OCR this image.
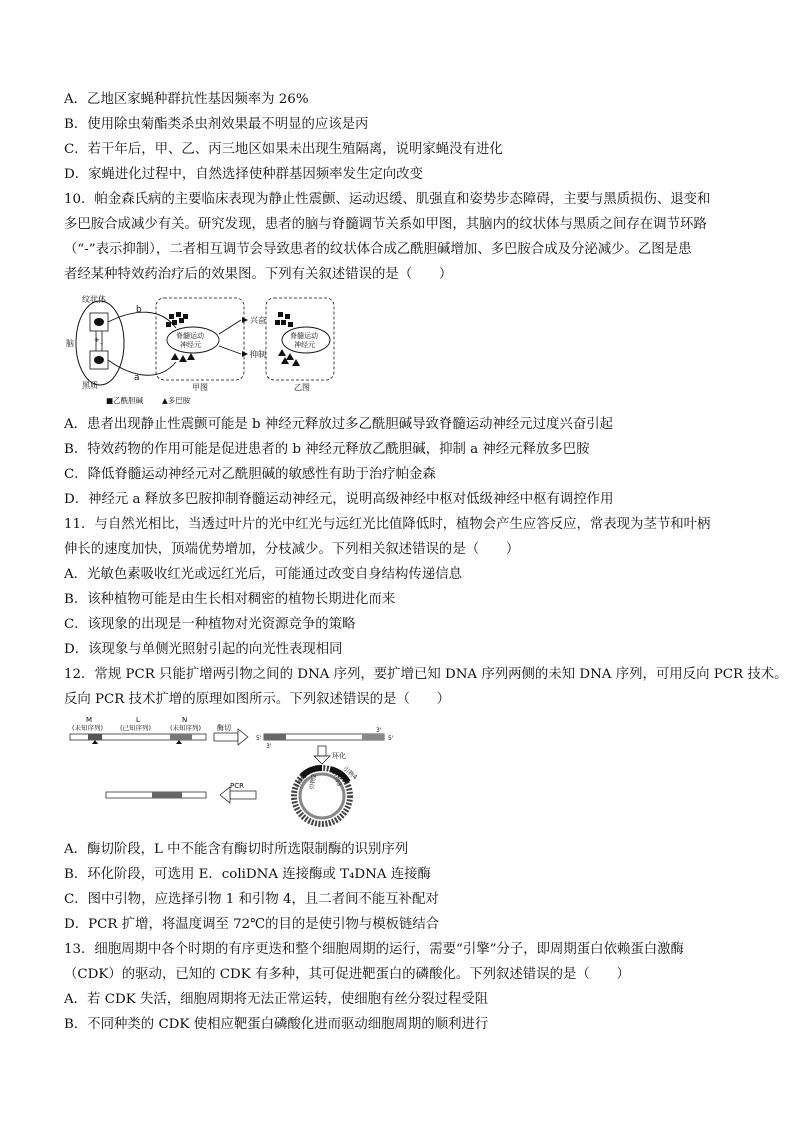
A．乙地区家蝇种群抗性基因频率为 26%
B．使用除虫菊酯类杀虫剂效果最不明显的应该是丙
C．若干年后，甲、乙、丙三地区如果未出现生殖隔离，说明家蝇没有进化
D．家蝇进化过程中，自然选择使种群基因频率发生定向改变
10．帕金森氏病的主要临床表现为静止性震颤、运动迟缓、肌强直和姿势步态障碍，主要与黑质损伤、退变和
多巴胺合成减少有关。研究发现，患者的脑与脊髓调节关系如甲图，其脑内的纹状体与黑质之间存在调节环路
（“-”表示抑制），二者相互调节会导致患者的纹状体合成乙酰胆碱增加、多巴胺合成及分泌减少。乙图是患
者经某种特效药治疗后的效果图。下列有关叙述错误的是（　　）
纹状体
+ -
脑
黑质
b
a
脊髓运动
神经元
兴奋
抑制
甲图
脊髓运动
神经元
乙图
■乙酰胆碱	▲多巴胺
A．患者出现静止性震颤可能是 b 神经元释放过多乙酰胆碱导致脊髓运动神经元过度兴奋引起
B．特效药物的作用可能是促进患者的 b 神经元释放乙酰胆碱，抑制 a 神经元释放多巴胺
C．降低脊髓运动神经元对乙酰胆碱的敏感性有助于治疗帕金森
D．神经元 a 释放多巴胺抑制脊髓运动神经元，说明高级神经中枢对低级神经中枢有调控作用
11．与自然光相比，当透过叶片的光中红光与远红光比值降低时，植物会产生应答反应，常表现为茎节和叶柄
伸长的速度加快，顶端优势增加，分枝减少。下列相关叙述错误的是（　　）
A．光敏色素吸收红光或远红光后，可能通过改变自身结构传递信息
B．该种植物可能是由生长相对稠密的植物长期进化而来
C．该现象的出现是一种植物对光资源竞争的策略
D．该现象与单侧光照射引起的向光性表现相同
12．常规 PCR 只能扩增两引物之间的 DNA 序列，要扩增已知 DNA 序列两侧的未知 DNA 序列，可用反向 PCR 技术。
反向 PCR 技术扩增的原理如图所示。下列叙述错误的是（　　）
M
(未知序列)
L
(已知序列)
N
(未知序列) 酶切
5'
3'
3'
5'
环化
引物1 引物2 引物3 引物4
PCR
A．酶切阶段，L 中不能含有酶切时所选限制酶的识别序列
B．环化阶段，可选用 E．coliDNA 连接酶或 T₄DNA 连接酶
C．图中引物，应选择引物 1 和引物 4，且二者间不能互补配对
D．PCR 扩增，将温度调至 72℃的目的是使引物与模板链结合
13．细胞周期中各个时期的有序更迭和整个细胞周期的运行，需要“引擎”分子，即周期蛋白依赖蛋白激酶
（CDK）的驱动，已知的 CDK 有多种，其可促进靶蛋白的磷酸化。下列叙述错误的是（　　）
A．若 CDK 失活，细胞周期将无法正常运转，使细胞有丝分裂过程受阻
B．不同种类的 CDK 使相应靶蛋白磷酸化进而驱动细胞周期的顺利进行
